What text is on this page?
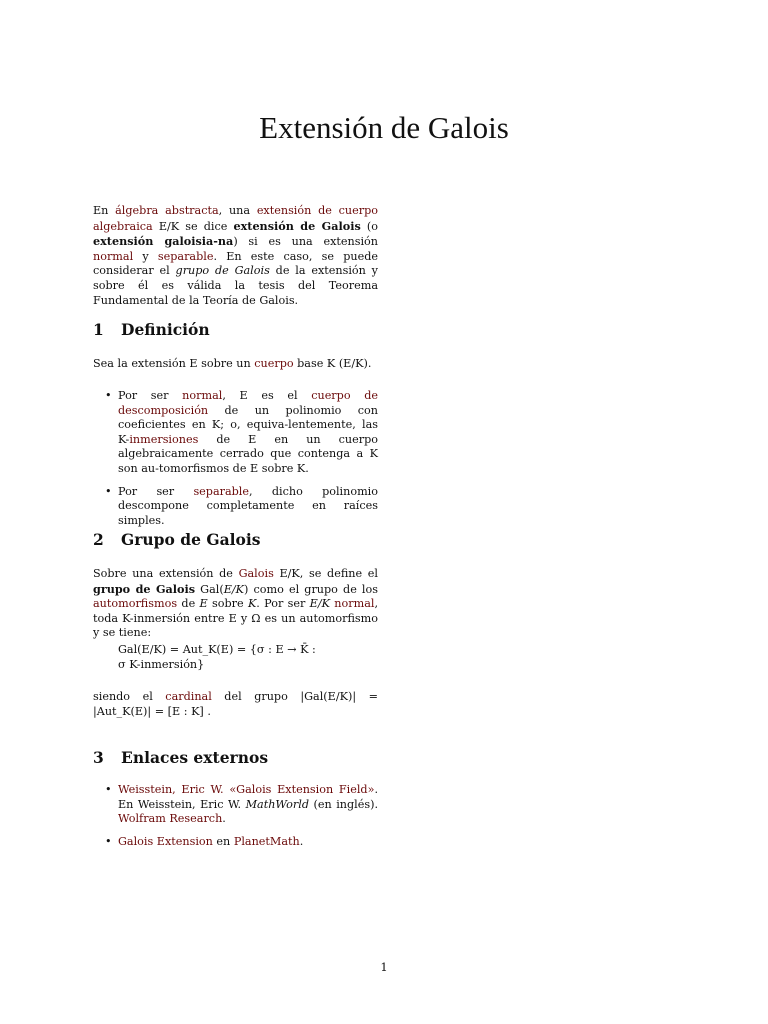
Extensión de Galois

En álgebra abstracta, una extensión de cuerpo algebraica E/K se dice extensión de Galois (o extensión galoisia-na) si es una extensión normal y separable. En este caso, se puede considerar el grupo de Galois de la extensión y sobre él es válida la tesis del Teorema Fundamental de la Teoría de Galois.

1 Definición

Sea la extensión E sobre un cuerpo base K (E/K).

• Por ser normal, E es el cuerpo de descomposición de un polinomio con coeficientes en K; o, equiva-lentemente, las K-inmersiones de E en un cuerpo algebraicamente cerrado que contenga a K son au-tomorfismos de E sobre K.
• Por ser separable, dicho polinomio descompone completamente en raíces simples.
2 Grupo de Galois

Sobre una extensión de Galois E/K, se define el grupo de Galois Gal(E/K) como el grupo de los automorfismos de E sobre K. Por ser E/K normal, toda K-inmersión entre E y Ω es un automorfismo y se tiene:

Gal(E/K) = Aut_K(E) = {σ : E → K̄ :
σ K-inmersión}

siendo el cardinal del grupo |Gal(E/K)| = |Aut_K(E)| = [E : K] .

3 Enlaces externos
• Weisstein, Eric W. «Galois Extension Field». En Weisstein, Eric W. MathWorld (en inglés). Wolfram Research.
• Galois Extension en PlanetMath.
1
